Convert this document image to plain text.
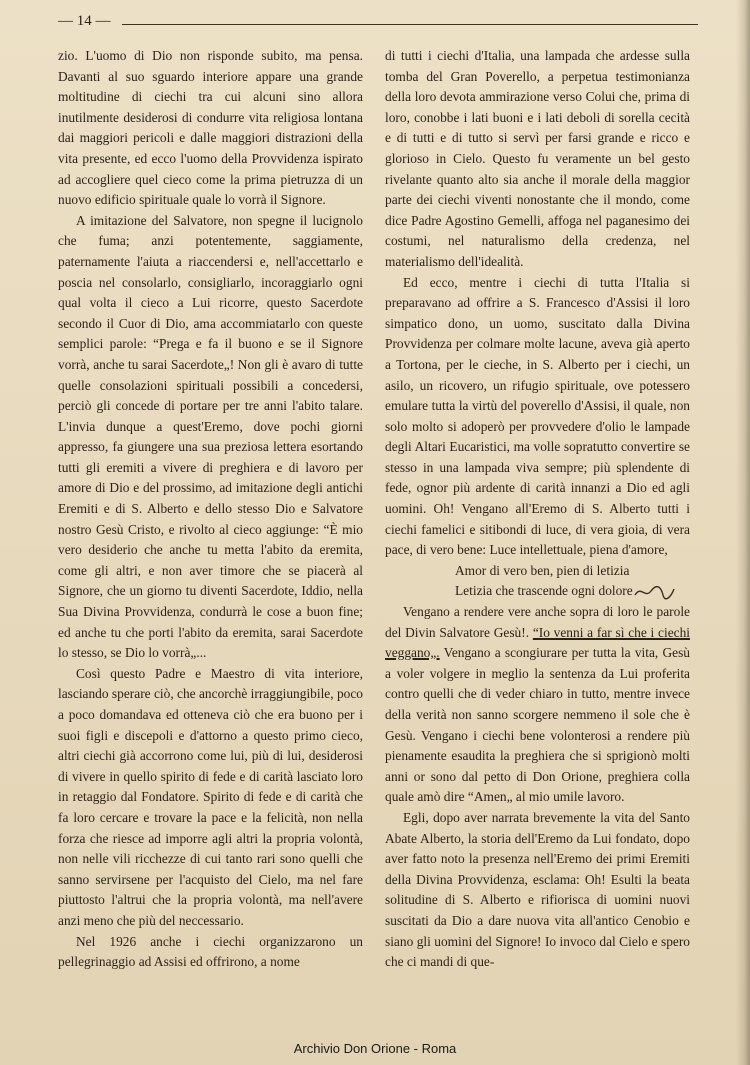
— 14 —

zio. L'uomo di Dio non risponde subito, ma pensa. Davanti al suo sguardo interiore appare una grande moltitudine di ciechi tra cui alcuni sino allora inutilmente desiderosi di condurre vita religiosa lontana dai maggiori pericoli e dalle maggiori distrazioni della vita presente, ed ecco l'uomo della Provvidenza ispirato ad accogliere quel cieco come la prima pietruzza di un nuovo edificio spirituale quale lo vorrà il Signore.

A imitazione del Salvatore, non spegne il lucignolo che fuma; anzi potentemente, saggiamente, paternamente l'aiuta a riaccendersi e, nell'accettarlo e poscia nel consolarlo, consigliarlo, incoraggiarlo ogni qual volta il cieco a Lui ricorre, questo Sacerdote secondo il Cuor di Dio, ama accommiatarlo con queste semplici parole: “Prega e fa il buono e se il Signore vorrà, anche tu sarai Sacerdote„! Non gli è avaro di tutte quelle consolazioni spirituali possibili a concedersi, perciò gli concede di portare per tre anni l'abito talare. L'invia dunque a quest'Eremo, dove pochi giorni appresso, fa giungere una sua preziosa lettera esortando tutti gli eremiti a vivere di preghiera e di lavoro per amore di Dio e del prossimo, ad imitazione degli antichi Eremiti e di S. Alberto e dello stesso Dio e Salvatore nostro Gesù Cristo, e rivolto al cieco aggiunge: “È mio vero desiderio che anche tu metta l'abito da eremita, come gli altri, e non aver timore che se piacerà al Signore, che un giorno tu diventi Sacerdote, Iddio, nella Sua Divina Provvidenza, condurrà le cose a buon fine; ed anche tu che porti l'abito da eremita, sarai Sacerdote lo stesso, se Dio lo vorrà„...

Così questo Padre e Maestro di vita interiore, lasciando sperare ciò, che ancorchè irraggiungibile, poco a poco domandava ed otteneva ciò che era buono per i suoi figli e discepoli e d'attorno a questo primo cieco, altri ciechi già accorrono come lui, più di lui, desiderosi di vivere in quello spirito di fede e di carità lasciato loro in retaggio dal Fondatore. Spirito di fede e di carità che fa loro cercare e trovare la pace e la felicità, non nella forza che riesce ad imporre agli altri la propria volontà, non nelle vili ricchezze di cui tanto rari sono quelli che sanno servirsene per l'acquisto del Cielo, ma nel fare piuttosto l'altrui che la propria volontà, ma nell'avere anzi meno che più del neccessario.

Nel 1926 anche i ciechi organizzarono un pellegrinaggio ad Assisi ed offrirono, a nome

di tutti i ciechi d'Italia, una lampada che ardesse sulla tomba del Gran Poverello, a perpetua testimonianza della loro devota ammirazione verso Colui che, prima di loro, conobbe i lati buoni e i lati deboli di sorella cecità e di tutti e di tutto si servì per farsi grande e ricco e glorioso in Cielo. Questo fu veramente un bel gesto rivelante quanto alto sia anche il morale della maggior parte dei ciechi viventi nonostante che il mondo, come dice Padre Agostino Gemelli, affoga nel paganesimo dei costumi, nel naturalismo della credenza, nel materialismo dell'idealità.

Ed ecco, mentre i ciechi di tutta l'Italia si preparavano ad offrire a S. Francesco d'Assisi il loro simpatico dono, un uomo, suscitato dalla Divina Provvidenza per colmare molte lacune, aveva già aperto a Tortona, per le cieche, in S. Alberto per i ciechi, un asilo, un ricovero, un rifugio spirituale, ove potessero emulare tutta la virtù del poverello d'Assisi, il quale, non solo molto si adoperò per provvedere d'olio le lampade degli Altari Eucaristici, ma volle sopratutto convertire se stesso in una lampada viva sempre; più splendente di fede, ognor più ardente di carità innanzi a Dio ed agli uomini. Oh! Vengano all'Eremo di S. Alberto tutti i ciechi famelici e sitibondi di luce, di vera gioia, di vera pace, di vero bene: Luce intellettuale, piena d'amore,

Amor di vero ben, pien di letizia

Letizia che trascende ogni dolore

Vengano a rendere vere anche sopra di loro le parole del Divin Salvatore Gesù!. “Io venni a far sì che i ciechi veggano„. Vengano a scongiurare per tutta la vita, Gesù a voler volgere in meglio la sentenza da Lui proferita contro quelli che di veder chiaro in tutto, mentre invece della verità non sanno scorgere nemmeno il sole che è Gesù. Vengano i ciechi bene volonterosi a rendere più pienamente esaudita la preghiera che si sprigionò molti anni or sono dal petto di Don Orione, preghiera colla quale amò dire “Amen„ al mio umile lavoro.

Egli, dopo aver narrata brevemente la vita del Santo Abate Alberto, la storia dell'Eremo da Lui fondato, dopo aver fatto noto la presenza nell'Eremo dei primi Eremiti della Divina Provvidenza, esclama: Oh! Esulti la beata solitudine di S. Alberto e rifiorisca di uomini nuovi suscitati da Dio a dare nuova vita all'antico Cenobio e siano gli uomini del Signore! Io invoco dal Cielo e spero che ci mandi di que-

Archivio Don Orione - Roma
